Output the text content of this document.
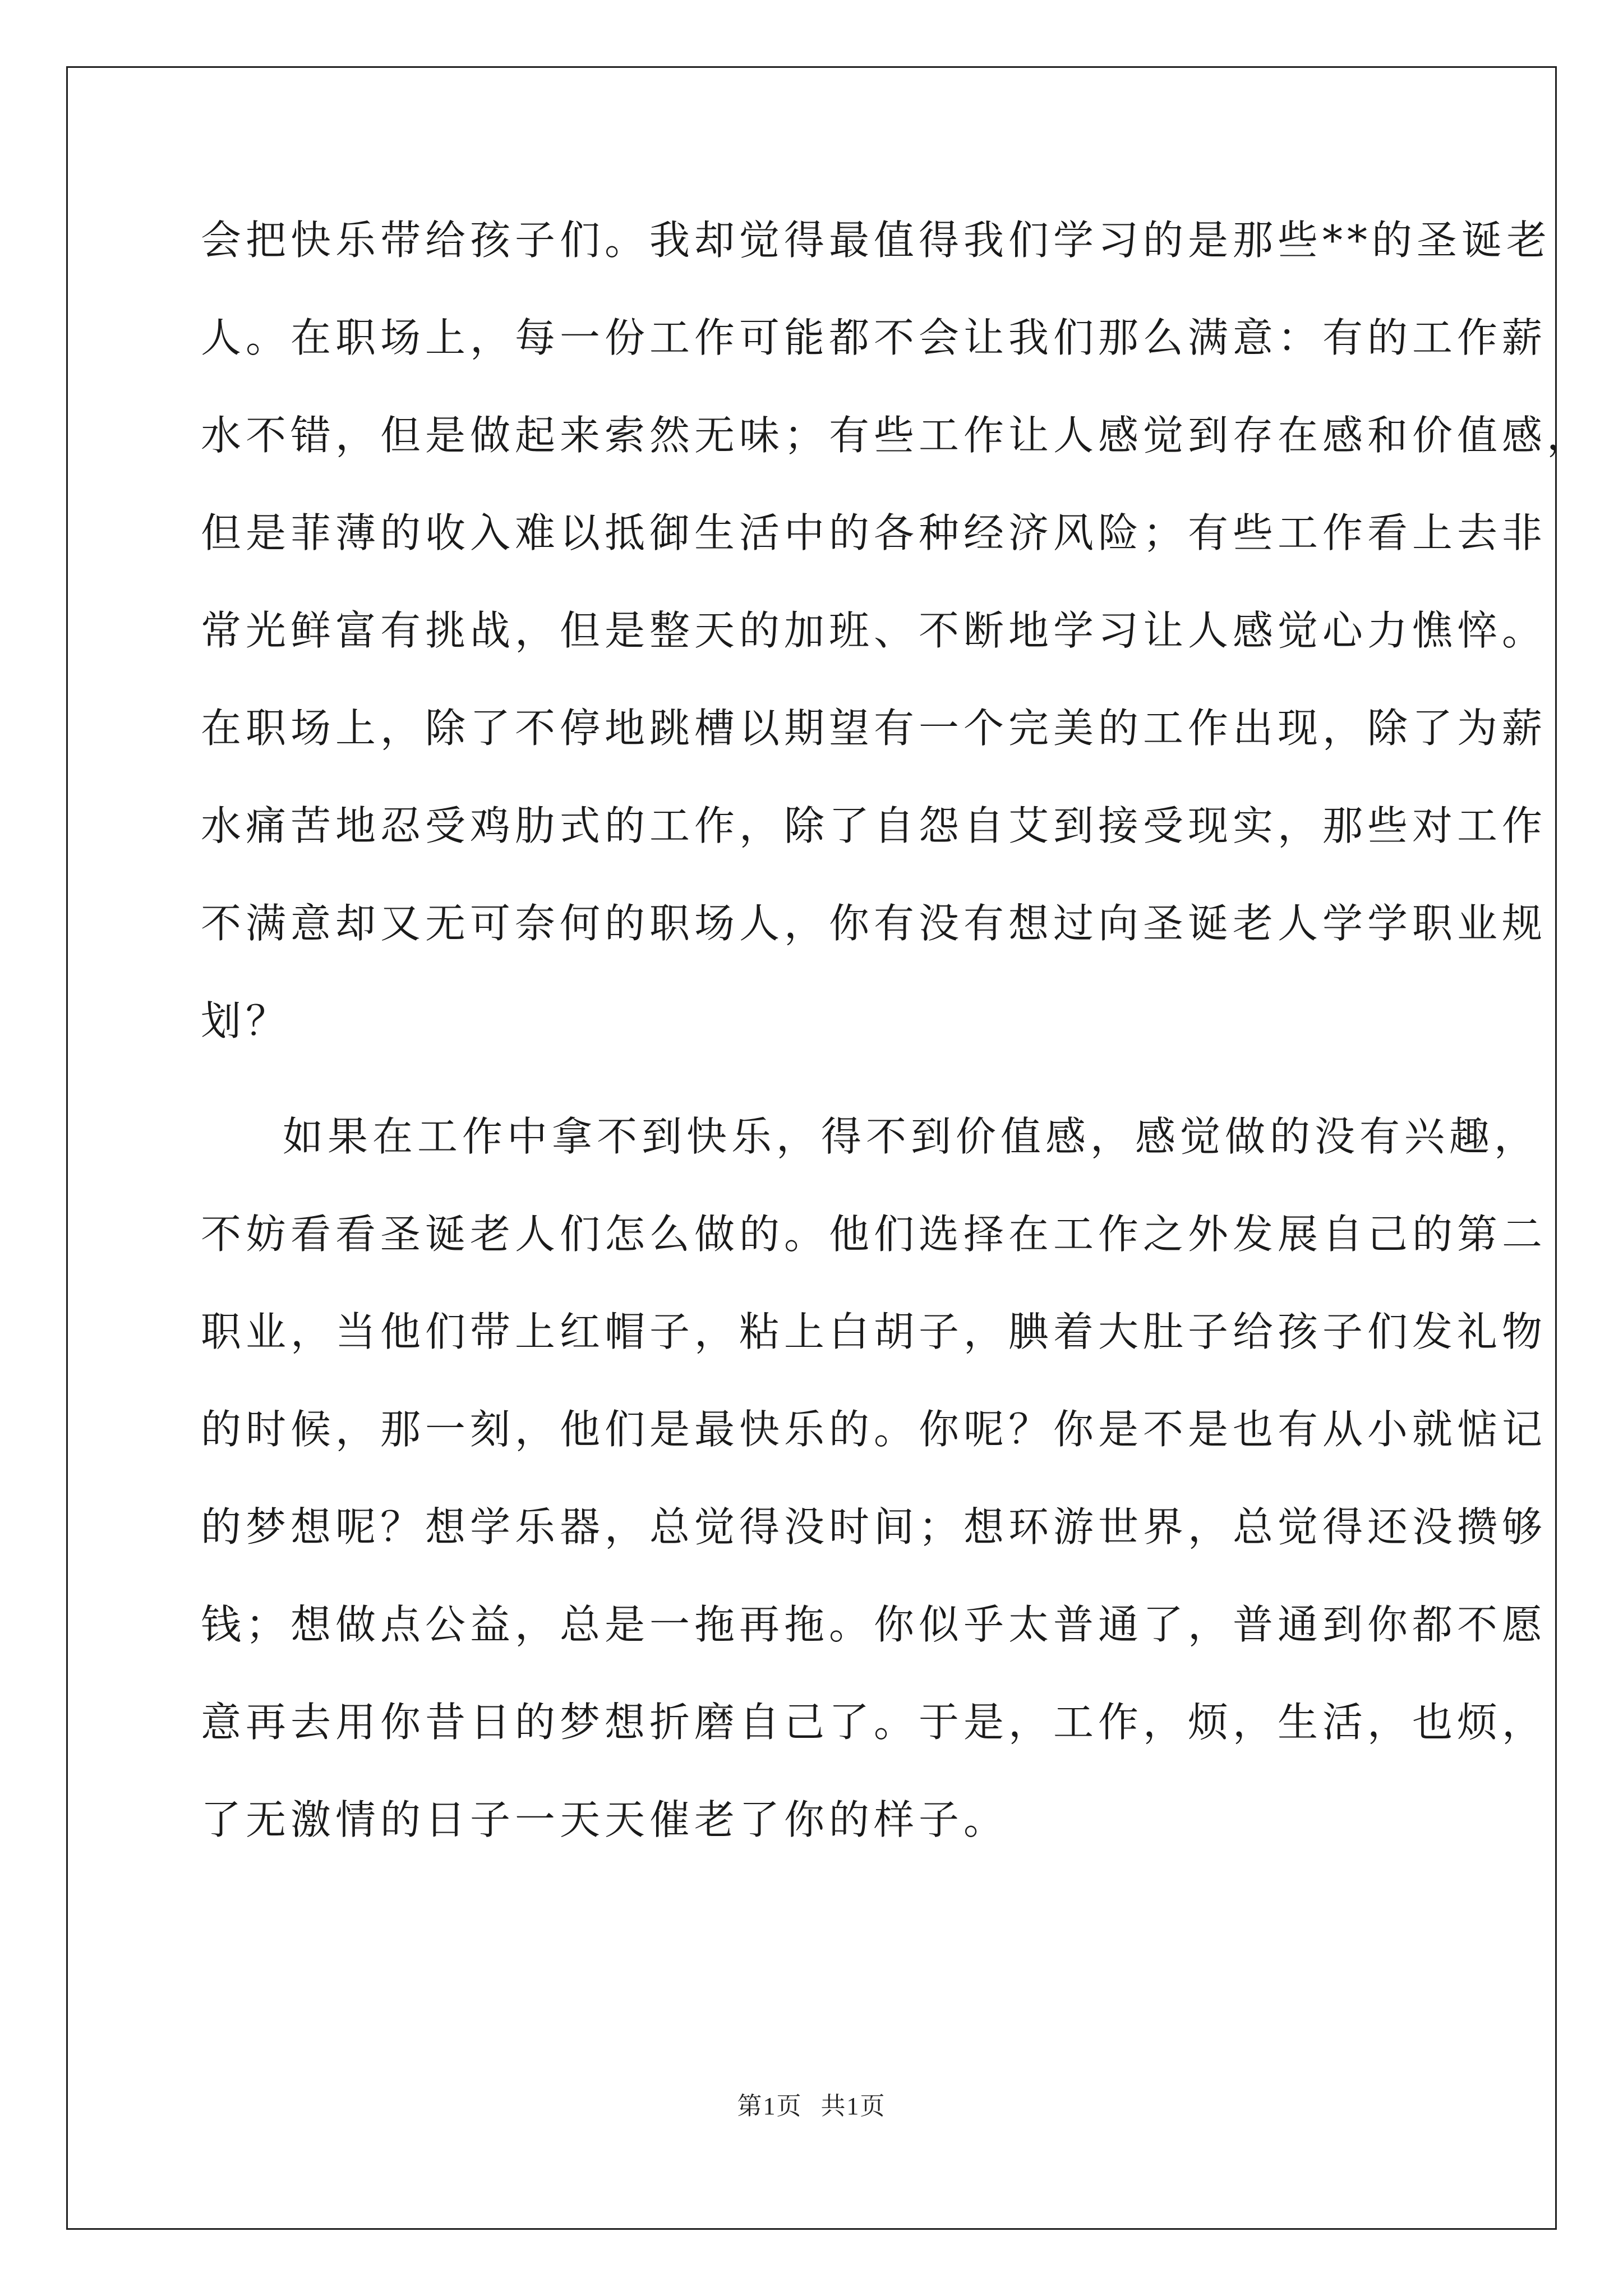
会把快乐带给孩子们。我却觉得最值得我们学习的是那些**的圣诞老
人。在职场上，每一份工作可能都不会让我们那么满意：有的工作薪
水不错，但是做起来索然无味；有些工作让人感觉到存在感和价值感，
但是菲薄的收入难以抵御生活中的各种经济风险；有些工作看上去非
常光鲜富有挑战，但是整天的加班、不断地学习让人感觉心力憔悴。
在职场上，除了不停地跳槽以期望有一个完美的工作出现，除了为薪
水痛苦地忍受鸡肋式的工作，除了自怨自艾到接受现实，那些对工作
不满意却又无可奈何的职场人，你有没有想过向圣诞老人学学职业规
划？
如果在工作中拿不到快乐，得不到价值感，感觉做的没有兴趣，
不妨看看圣诞老人们怎么做的。他们选择在工作之外发展自己的第二
职业，当他们带上红帽子，粘上白胡子，腆着大肚子给孩子们发礼物
的时候，那一刻，他们是最快乐的。你呢？你是不是也有从小就惦记
的梦想呢？想学乐器，总觉得没时间；想环游世界，总觉得还没攒够
钱；想做点公益，总是一拖再拖。你似乎太普通了，普通到你都不愿
意再去用你昔日的梦想折磨自己了。于是，工作，烦，生活，也烦，
了无激情的日子一天天催老了你的样子。
第1页 共1页
